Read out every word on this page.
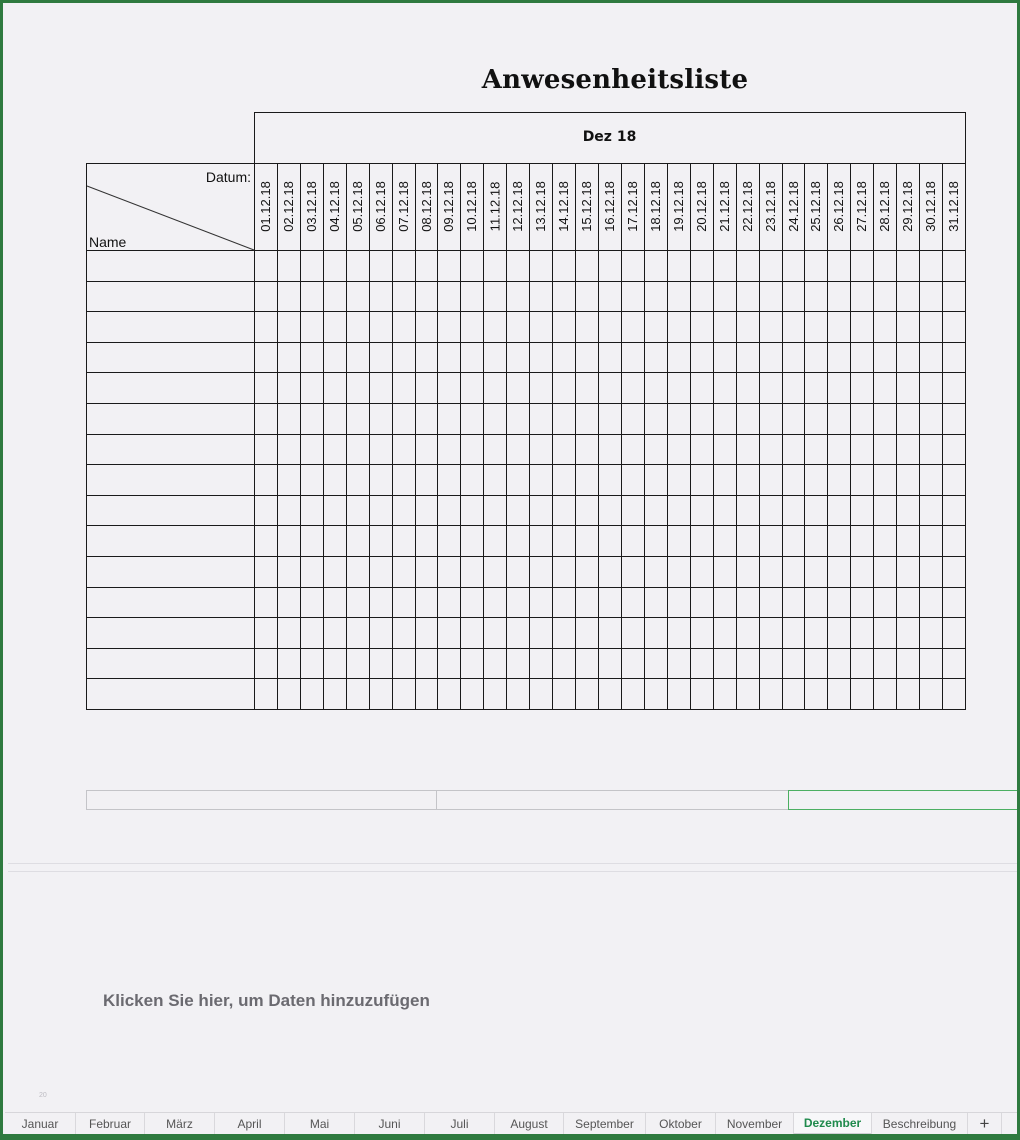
Anwesenheitsliste
Dez 18
Datum:
Name
01.12.18 02.12.18 03.12.18 04.12.18 05.12.18 06.12.18 07.12.18 08.12.18 09.12.18 10.12.18 11.12.18 12.12.18 13.12.18 14.12.18 15.12.18 16.12.18 17.12.18 18.12.18 19.12.18 20.12.18 21.12.18 22.12.18 23.12.18 24.12.18 25.12.18 26.12.18 27.12.18 28.12.18 29.12.18 30.12.18 31.12.18
Klicken Sie hier, um Daten hinzuzufügen
20
Januar	Februar	März	April	Mai	Juni	Juli	August	September	Oktober	November	Dezember	Beschreibung	+
